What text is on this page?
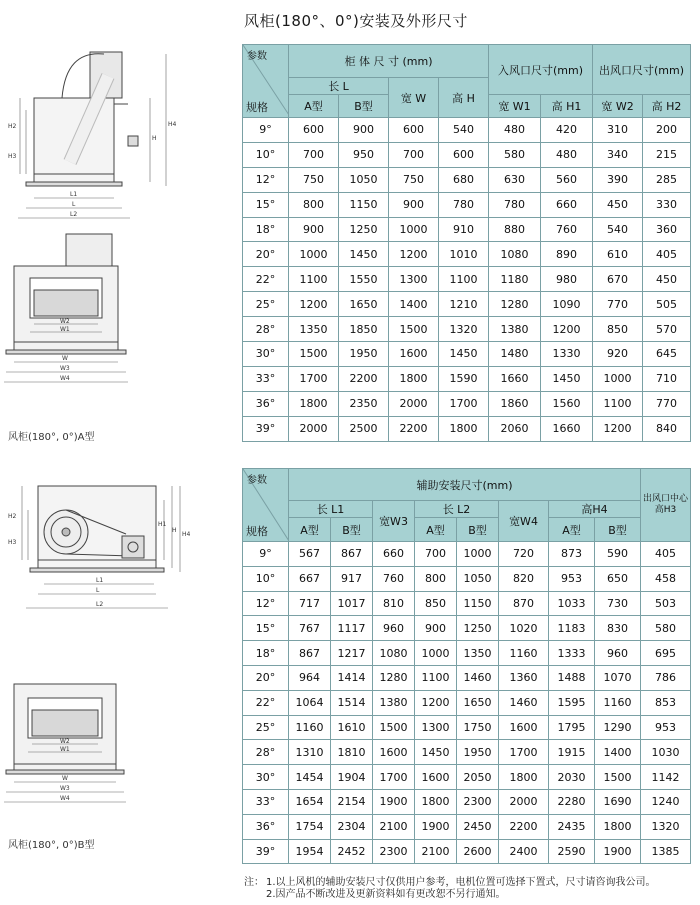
风柜(180°、0°)安装及外形尺寸
H2
H3
H
H4
L1
L
L2
W2
W1
W
W3
W4
风柜(180°, 0°)A型
H2
H3
H1
H
H4
L1
L
L2
W2
W1
W
W3
W4
风柜(180°, 0°)B型
参数
规格	柜 体 尺 寸 (mm)				入风口尺寸(mm)		出风口尺寸(mm)	
	长 L		宽 W	高 H				
	A型	B型			宽 W1	高 H1	宽 W2	高 H2
9°	600	900	600	540	480	420	310	200
10°	700	950	700	600	580	480	340	215
12°	750	1050	750	680	630	560	390	285
15°	800	1150	900	780	780	660	450	330
18°	900	1250	1000	910	880	760	540	360
20°	1000	1450	1200	1010	1080	890	610	405
22°	1100	1550	1300	1100	1180	980	670	450
25°	1200	1650	1400	1210	1280	1090	770	505
28°	1350	1850	1500	1320	1380	1200	850	570
30°	1500	1950	1600	1450	1480	1330	920	645
33°	1700	2200	1800	1590	1660	1450	1000	710
36°	1800	2350	2000	1700	1860	1560	1100	770
39°	2000	2500	2200	1800	2060	1660	1200	840
参数
规格	辅助安装尺寸(mm)								出风口中心高H3
	长 L1		宽W3	长 L2		宽W4	高H4		
	A型	B型		A型	B型		A型	B型	
9°	567	867	660	700	1000	720	873	590	405
10°	667	917	760	800	1050	820	953	650	458
12°	717	1017	810	850	1150	870	1033	730	503
15°	767	1117	960	900	1250	1020	1183	830	580
18°	867	1217	1080	1000	1350	1160	1333	960	695
20°	964	1414	1280	1100	1460	1360	1488	1070	786
22°	1064	1514	1380	1200	1650	1460	1595	1160	853
25°	1160	1610	1500	1300	1750	1600	1795	1290	953
28°	1310	1810	1600	1450	1950	1700	1915	1400	1030
30°	1454	1904	1700	1600	2050	1800	2030	1500	1142
33°	1654	2154	1900	1800	2300	2000	2280	1690	1240
36°	1754	2304	2100	1900	2450	2200	2435	1800	1320
39°	1954	2452	2300	2100	2600	2400	2590	1900	1385
注： 1.以上风机的辅助安装尺寸仅供用户参考，电机位置可选择下置式，尺寸请咨询我公司。
2.因产品不断改进及更新资料如有更改恕不另行通知。
